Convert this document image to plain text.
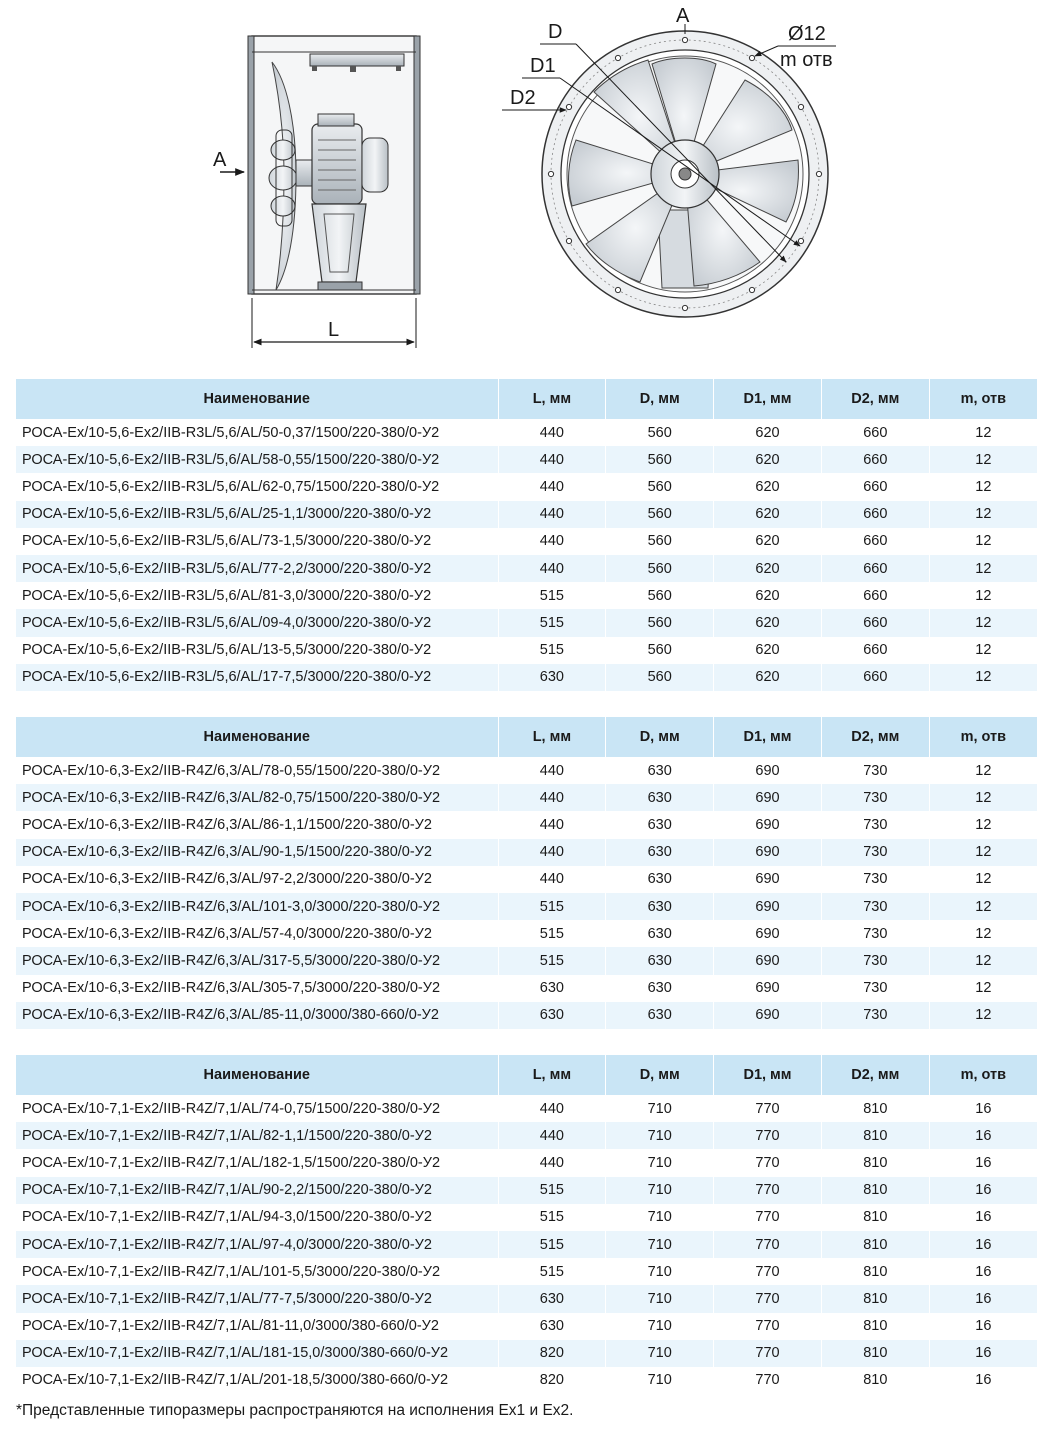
A
L
A
D
D1
D2
Ø12
m отв
Наименование	L, мм	D, мм	D1, мм	D2, мм	m, отв
РОСА-Ex/10-5,6-Ex2/IIB-R3L/5,6/AL/50-0,37/1500/220-380/0-У2	440	560	620	660	12
РОСА-Ex/10-5,6-Ex2/IIB-R3L/5,6/AL/58-0,55/1500/220-380/0-У2	440	560	620	660	12
РОСА-Ex/10-5,6-Ex2/IIB-R3L/5,6/AL/62-0,75/1500/220-380/0-У2	440	560	620	660	12
РОСА-Ex/10-5,6-Ex2/IIB-R3L/5,6/AL/25-1,1/3000/220-380/0-У2	440	560	620	660	12
РОСА-Ex/10-5,6-Ex2/IIB-R3L/5,6/AL/73-1,5/3000/220-380/0-У2	440	560	620	660	12
РОСА-Ex/10-5,6-Ex2/IIB-R3L/5,6/AL/77-2,2/3000/220-380/0-У2	440	560	620	660	12
РОСА-Ex/10-5,6-Ex2/IIB-R3L/5,6/AL/81-3,0/3000/220-380/0-У2	515	560	620	660	12
РОСА-Ex/10-5,6-Ex2/IIB-R3L/5,6/AL/09-4,0/3000/220-380/0-У2	515	560	620	660	12
РОСА-Ex/10-5,6-Ex2/IIB-R3L/5,6/AL/13-5,5/3000/220-380/0-У2	515	560	620	660	12
РОСА-Ex/10-5,6-Ex2/IIB-R3L/5,6/AL/17-7,5/3000/220-380/0-У2	630	560	620	660	12
Наименование	L, мм	D, мм	D1, мм	D2, мм	m, отв
РОСА-Ex/10-6,3-Ex2/IIB-R4Z/6,3/AL/78-0,55/1500/220-380/0-У2	440	630	690	730	12
РОСА-Ex/10-6,3-Ex2/IIB-R4Z/6,3/AL/82-0,75/1500/220-380/0-У2	440	630	690	730	12
РОСА-Ex/10-6,3-Ex2/IIB-R4Z/6,3/AL/86-1,1/1500/220-380/0-У2	440	630	690	730	12
РОСА-Ex/10-6,3-Ex2/IIB-R4Z/6,3/AL/90-1,5/1500/220-380/0-У2	440	630	690	730	12
РОСА-Ex/10-6,3-Ex2/IIB-R4Z/6,3/AL/97-2,2/3000/220-380/0-У2	440	630	690	730	12
РОСА-Ex/10-6,3-Ex2/IIB-R4Z/6,3/AL/101-3,0/3000/220-380/0-У2	515	630	690	730	12
РОСА-Ex/10-6,3-Ex2/IIB-R4Z/6,3/AL/57-4,0/3000/220-380/0-У2	515	630	690	730	12
РОСА-Ex/10-6,3-Ex2/IIB-R4Z/6,3/AL/317-5,5/3000/220-380/0-У2	515	630	690	730	12
РОСА-Ex/10-6,3-Ex2/IIB-R4Z/6,3/AL/305-7,5/3000/220-380/0-У2	630	630	690	730	12
РОСА-Ex/10-6,3-Ex2/IIB-R4Z/6,3/AL/85-11,0/3000/380-660/0-У2	630	630	690	730	12
Наименование	L, мм	D, мм	D1, мм	D2, мм	m, отв
РОСА-Ex/10-7,1-Ex2/IIB-R4Z/7,1/AL/74-0,75/1500/220-380/0-У2	440	710	770	810	16
РОСА-Ex/10-7,1-Ex2/IIB-R4Z/7,1/AL/82-1,1/1500/220-380/0-У2	440	710	770	810	16
РОСА-Ex/10-7,1-Ex2/IIB-R4Z/7,1/AL/182-1,5/1500/220-380/0-У2	440	710	770	810	16
РОСА-Ex/10-7,1-Ex2/IIB-R4Z/7,1/AL/90-2,2/1500/220-380/0-У2	515	710	770	810	16
РОСА-Ex/10-7,1-Ex2/IIB-R4Z/7,1/AL/94-3,0/1500/220-380/0-У2	515	710	770	810	16
РОСА-Ex/10-7,1-Ex2/IIB-R4Z/7,1/AL/97-4,0/3000/220-380/0-У2	515	710	770	810	16
РОСА-Ex/10-7,1-Ex2/IIB-R4Z/7,1/AL/101-5,5/3000/220-380/0-У2	515	710	770	810	16
РОСА-Ex/10-7,1-Ex2/IIB-R4Z/7,1/AL/77-7,5/3000/220-380/0-У2	630	710	770	810	16
РОСА-Ex/10-7,1-Ex2/IIB-R4Z/7,1/AL/81-11,0/3000/380-660/0-У2	630	710	770	810	16
РОСА-Ex/10-7,1-Ex2/IIB-R4Z/7,1/AL/181-15,0/3000/380-660/0-У2	820	710	770	810	16
РОСА-Ex/10-7,1-Ex2/IIB-R4Z/7,1/AL/201-18,5/3000/380-660/0-У2	820	710	770	810	16
*Представленные типоразмеры распространяются на исполнения Ex1 и Ex2.
